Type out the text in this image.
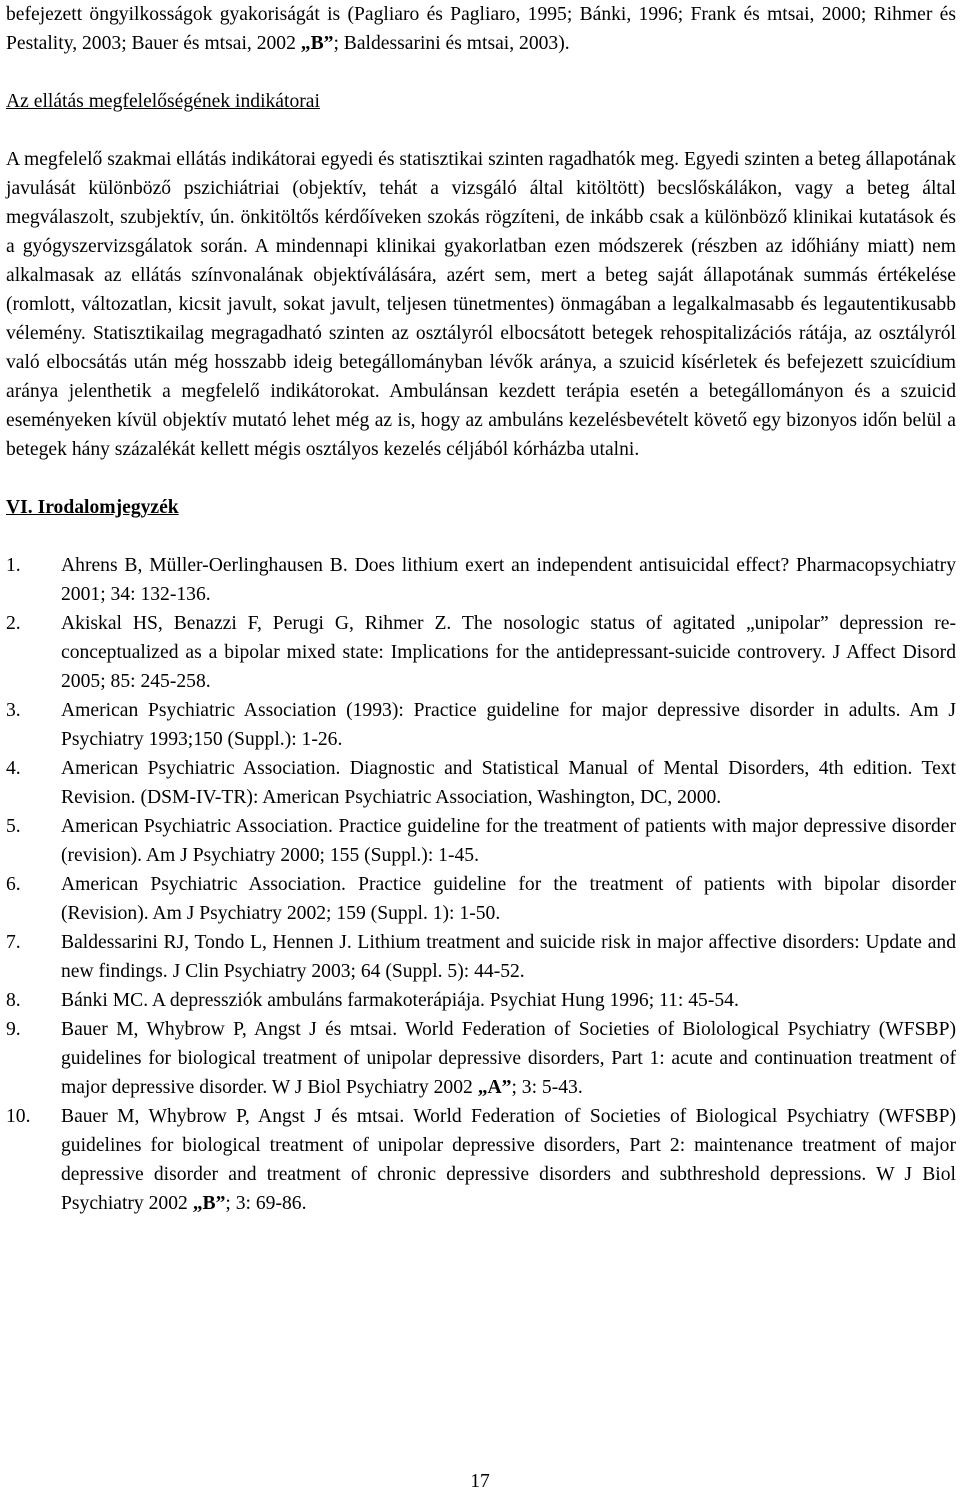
befejezett öngyilkosságok gyakoriságát is (Pagliaro és Pagliaro, 1995; Bánki, 1996; Frank és mtsai, 2000; Rihmer és Pestality, 2003; Bauer és mtsai, 2002 „B”; Baldessarini és mtsai, 2003).

Az ellátás megfelelőségének indikátorai

A megfelelő szakmai ellátás indikátorai egyedi és statisztikai szinten ragadhatók meg. Egyedi szinten a beteg állapotának javulását különböző pszichiátriai (objektív, tehát a vizsgáló által kitöltött) becslőskálákon, vagy a beteg által megválaszolt, szubjektív, ún. önkitöltős kérdőíveken szokás rögzíteni, de inkább csak a különböző klinikai kutatások és a gyógyszervizsgálatok során. A mindennapi klinikai gyakorlatban ezen módszerek (részben az időhiány miatt) nem alkalmasak az ellátás színvonalának objektíválására, azért sem, mert a beteg saját állapotának summás értékelése (romlott, változatlan, kicsit javult, sokat javult, teljesen tünetmentes) önmagában a legalkalmasabb és legautentikusabb vélemény. Statisztikailag megragadható szinten az osztályról elbocsátott betegek rehospitalizációs rátája, az osztályról való elbocsátás után még hosszabb ideig betegállományban lévők aránya, a szuicid kísérletek és befejezett szuicídium aránya jelenthetik a megfelelő indikátorokat. Ambulánsan kezdett terápia esetén a betegállományon és a szuicid eseményeken kívül objektív mutató lehet még az is, hogy az ambuláns kezelésbevételt követő egy bizonyos időn belül a betegek hány százalékát kellett mégis osztályos kezelés céljából kórházba utalni.

VI. Irodalomjegyzék

1.	Ahrens B, Müller-Oerlinghausen B. Does lithium exert an independent antisuicidal effect? Pharmacopsychiatry 2001; 34: 132-136.
2.	Akiskal HS, Benazzi F, Perugi G, Rihmer Z. The nosologic status of agitated „unipolar” depression re-conceptualized as a bipolar mixed state: Implications for the antidepressant-suicide controvery. J Affect Disord 2005; 85: 245-258.
3.	American Psychiatric Association (1993): Practice guideline for major depressive disorder in adults. Am J Psychiatry 1993;150 (Suppl.): 1-26.
4.	American Psychiatric Association. Diagnostic and Statistical Manual of Mental Disorders, 4th edition. Text Revision. (DSM-IV-TR): American Psychiatric Association, Washington, DC, 2000.
5.	American Psychiatric Association. Practice guideline for the treatment of patients with major depressive disorder (revision). Am J Psychiatry 2000; 155 (Suppl.): 1-45.
6.	American Psychiatric Association. Practice guideline for the treatment of patients with bipolar disorder (Revision). Am J Psychiatry 2002; 159 (Suppl. 1): 1-50.
7.	Baldessarini RJ, Tondo L, Hennen J. Lithium treatment and suicide risk in major affective disorders: Update and new findings. J Clin Psychiatry 2003; 64 (Suppl. 5): 44-52.
8.	Bánki MC. A depressziók ambuláns farmakoterápiája. Psychiat Hung 1996; 11: 45-54.
9.	Bauer M, Whybrow P, Angst J és mtsai. World Federation of Societies of Biolological Psychiatry (WFSBP) guidelines for biological treatment of unipolar depressive disorders, Part 1: acute and continuation treatment of major depressive disorder. W J Biol Psychiatry 2002 „A”; 3: 5-43.
10.	Bauer M, Whybrow P, Angst J és mtsai. World Federation of Societies of Biological Psychiatry (WFSBP) guidelines for biological treatment of unipolar depressive disorders, Part 2: maintenance treatment of major depressive disorder and treatment of chronic depressive disorders and subthreshold depressions. W J Biol Psychiatry 2002 „B”; 3: 69-86.
17
